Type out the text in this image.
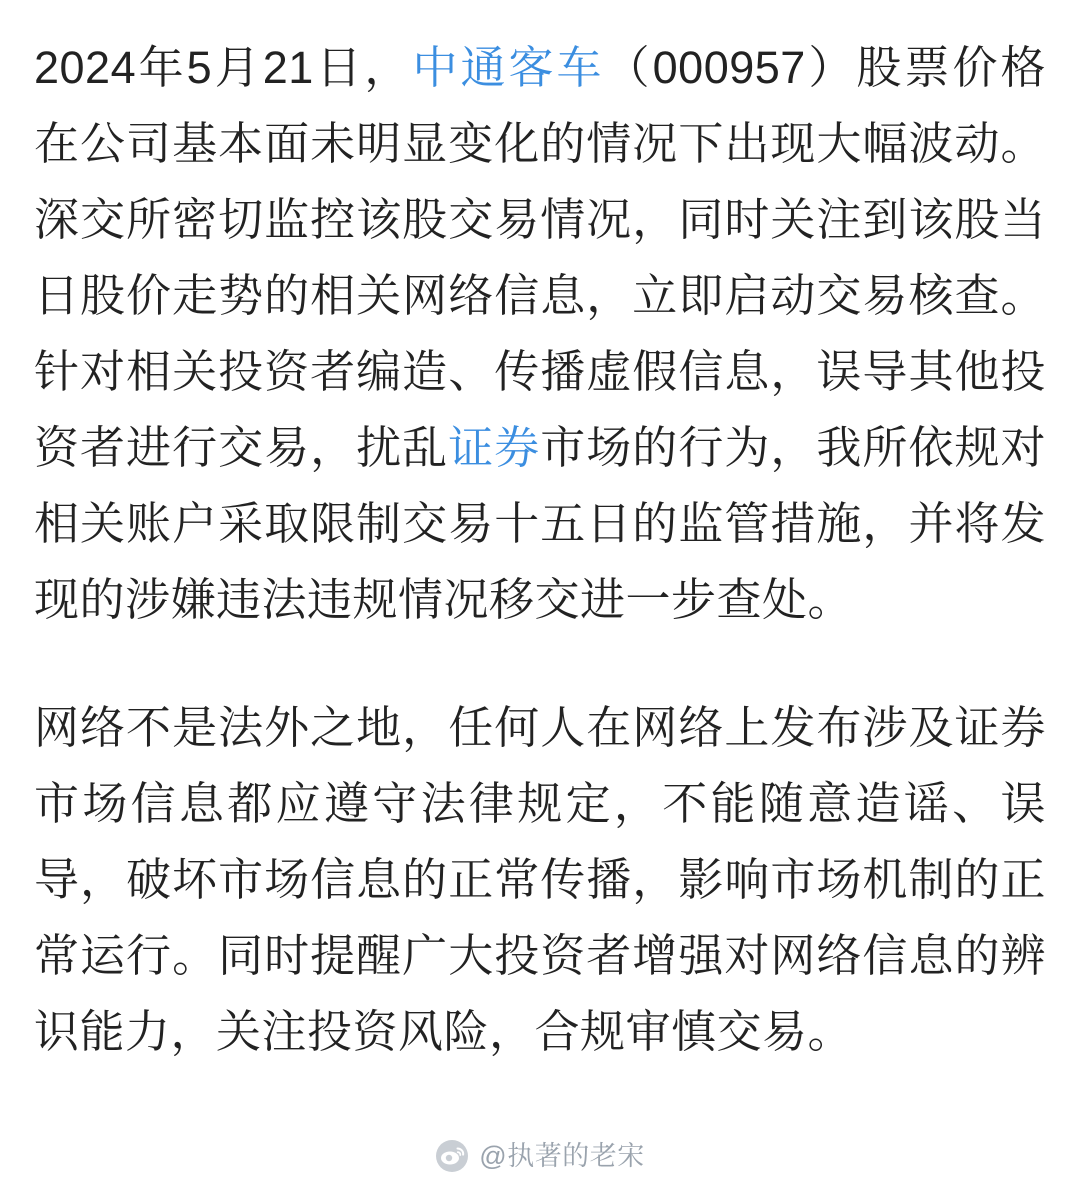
2024年5月21日，中通客车（000957）股票价格在公司基本面未明显变化的情况下出现大幅波动。深交所密切监控该股交易情况，同时关注到该股当日股价走势的相关网络信息，立即启动交易核查。针对相关投资者编造、传播虚假信息，误导其他投资者进行交易，扰乱证券市场的行为，我所依规对相关账户采取限制交易十五日的监管措施，并将发现的涉嫌违法违规情况移交进一步查处。

网络不是法外之地，任何人在网络上发布涉及证券市场信息都应遵守法律规定，不能随意造谣、误导，破坏市场信息的正常传播，影响市场机制的正常运行。同时提醒广大投资者增强对网络信息的辨识能力，关注投资风险，合规审慎交易。

@执著的老宋
